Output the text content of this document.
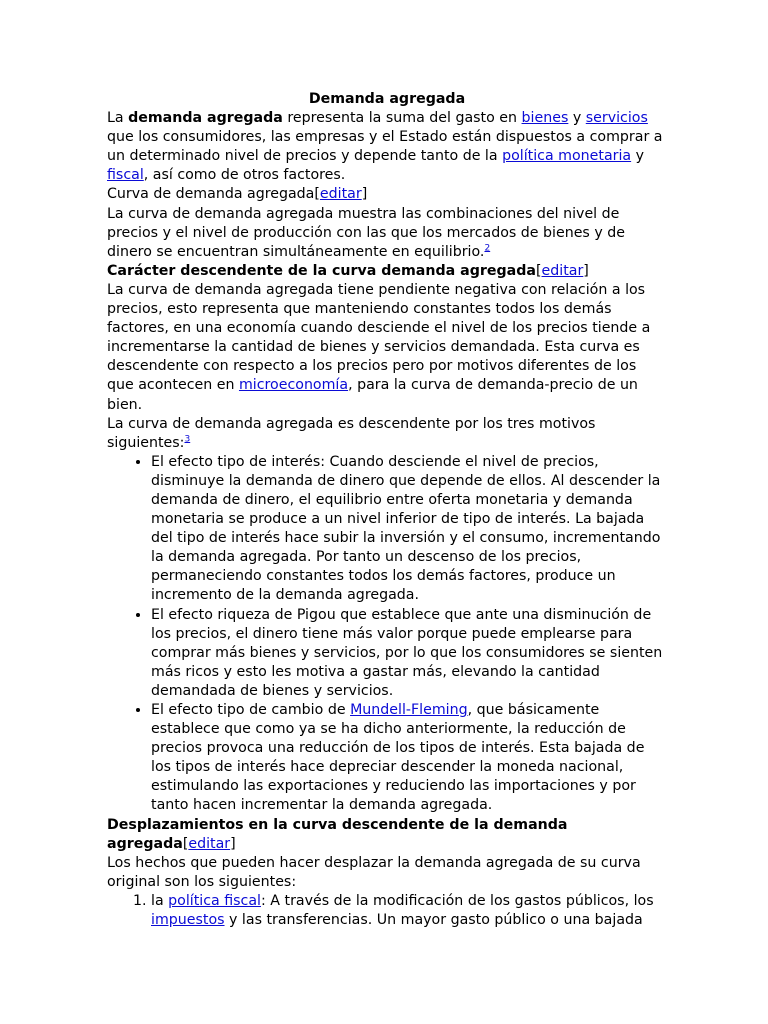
Demanda agregada

La demanda agregada representa la suma del gasto en bienes y servicios que los consumidores, las empresas y el Estado están dispuestos a comprar a un determinado nivel de precios y depende tanto de la política monetaria y fiscal, así como de otros factores.

Curva de demanda agregada[editar]

La curva de demanda agregada muestra las combinaciones del nivel de precios y el nivel de producción con las que los mercados de bienes y de dinero se encuentran simultáneamente en equilibrio.$^2$

Carácter descendente de la curva demanda agregada[editar]

La curva de demanda agregada tiene pendiente negativa con relación a los precios, esto representa que manteniendo constantes todos los demás factores, en una economía cuando desciende el nivel de los precios tiende a incrementarse la cantidad de bienes y servicios demandada. Esta curva es descendente con respecto a los precios pero por motivos diferentes de los que acontecen en microeconomía, para la curva de demanda-precio de un bien.

La curva de demanda agregada es descendente por los tres motivos siguientes:$^3$

• El efecto tipo de interés: Cuando desciende el nivel de precios, disminuye la demanda de dinero que depende de ellos. Al descender la demanda de dinero, el equilibrio entre oferta monetaria y demanda monetaria se produce a un nivel inferior de tipo de interés. La bajada del tipo de interés hace subir la inversión y el consumo, incrementando la demanda agregada. Por tanto un descenso de los precios, permaneciendo constantes todos los demás factores, produce un incremento de la demanda agregada.
• El efecto riqueza de Pigou que establece que ante una disminución de los precios, el dinero tiene más valor porque puede emplearse para comprar más bienes y servicios, por lo que los consumidores se sienten más ricos y esto les motiva a gastar más, elevando la cantidad demandada de bienes y servicios.
• El efecto tipo de cambio de Mundell-Fleming, que básicamente establece que como ya se ha dicho anteriormente, la reducción de precios provoca una reducción de los tipos de interés. Esta bajada de los tipos de interés hace depreciar descender la moneda nacional, estimulando las exportaciones y reduciendo las importaciones y por tanto hacen incrementar la demanda agregada.
Desplazamientos en la curva descendente de la demanda agregada[editar]

Los hechos que pueden hacer desplazar la demanda agregada de su curva original son los siguientes:

1. la política fiscal: A través de la modificación de los gastos públicos, los impuestos y las transferencias. Un mayor gasto público o una bajada
